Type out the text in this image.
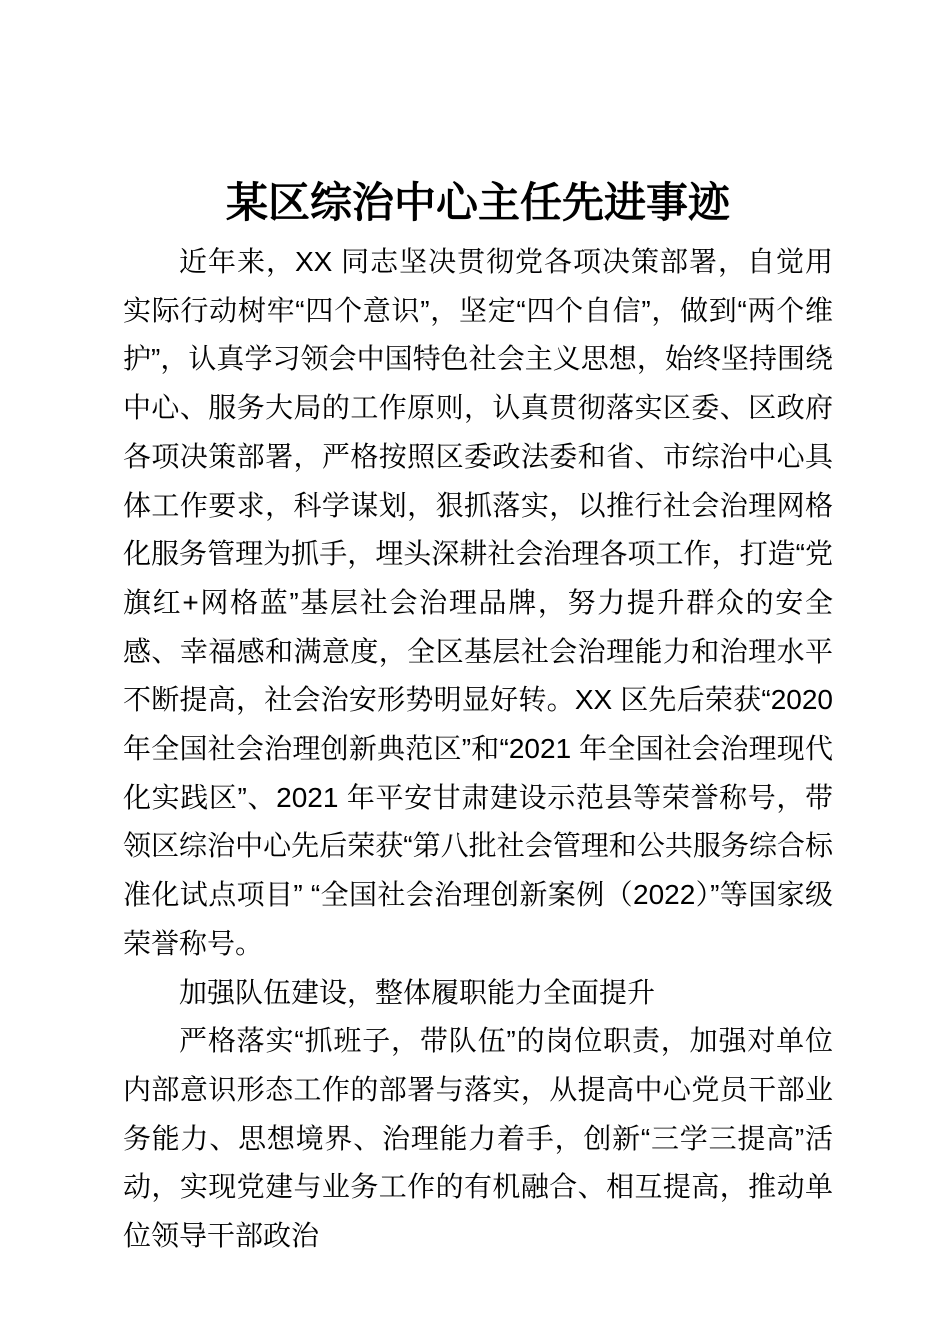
某区综治中心主任先进事迹

近年来，XX 同志坚决贯彻党各项决策部署，自觉用实际行动树牢“四个意识”，坚定“四个自信”，做到“两个维护”，认真学习领会中国特色社会主义思想，始终坚持围绕中心、服务大局的工作原则，认真贯彻落实区委、区政府各项决策部署，严格按照区委政法委和省、市综治中心具体工作要求，科学谋划，狠抓落实，以推行社会治理网格化服务管理为抓手，埋头深耕社会治理各项工作，打造“党旗红+网格蓝”基层社会治理品牌，努力提升群众的安全感、幸福感和满意度，全区基层社会治理能力和治理水平不断提高，社会治安形势明显好转。XX 区先后荣获“2020 年全国社会治理创新典范区”和“2021 年全国社会治理现代化实践区”、2021 年平安甘肃建设示范县等荣誉称号，带领区综治中心先后荣获“第八批社会管理和公共服务综合标准化试点项目” “全国社会治理创新案例（2022）”等国家级荣誉称号。

加强队伍建设，整体履职能力全面提升

严格落实“抓班子，带队伍”的岗位职责，加强对单位内部意识形态工作的部署与落实，从提高中心党员干部业务能力、思想境界、治理能力着手，创新“三学三提高”活动，实现党建与业务工作的有机融合、相互提高，推动单位领导干部政治
